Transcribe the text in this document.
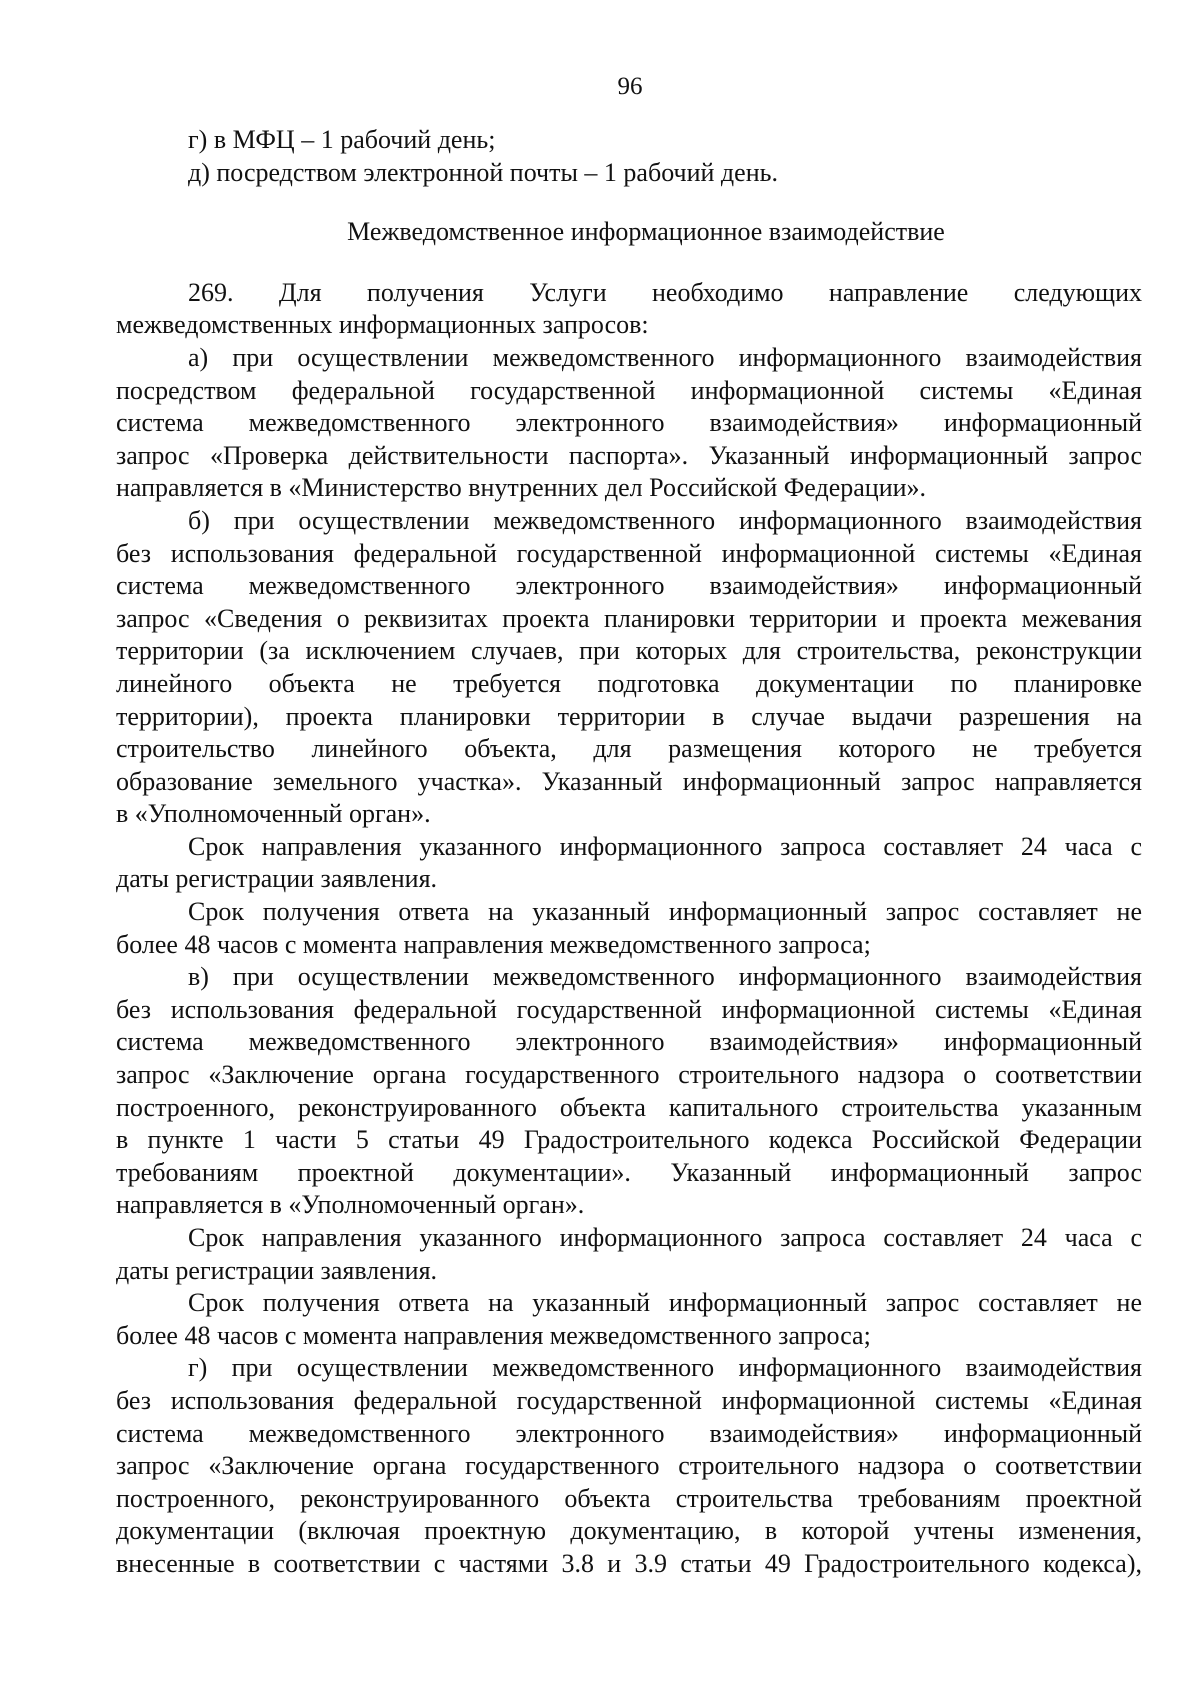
96
г) в МФЦ – 1 рабочий день;
д) посредством электронной почты – 1 рабочий день.
Межведомственное информационное взаимодействие
269. Для получения Услуги необходимо направление следующих
межведомственных информационных запросов:
а) при осуществлении межведомственного информационного взаимодействия
посредством федеральной государственной информационной системы «Единая
система межведомственного электронного взаимодействия» информационный
запрос «Проверка действительности паспорта». Указанный информационный запрос
направляется в «Министерство внутренних дел Российской Федерации».
б) при осуществлении межведомственного информационного взаимодействия
без использования федеральной государственной информационной системы «Единая
система межведомственного электронного взаимодействия» информационный
запрос «Сведения о реквизитах проекта планировки территории и проекта межевания
территории (за исключением случаев, при которых для строительства, реконструкции
линейного объекта не требуется подготовка документации по планировке
территории), проекта планировки территории в случае выдачи разрешения на
строительство линейного объекта, для размещения которого не требуется
образование земельного участка». Указанный информационный запрос направляется
в «Уполномоченный орган».
Срок направления указанного информационного запроса составляет 24 часа с
даты регистрации заявления.
Срок получения ответа на указанный информационный запрос составляет не
более 48 часов с момента направления межведомственного запроса;
в) при осуществлении межведомственного информационного взаимодействия
без использования федеральной государственной информационной системы «Единая
система межведомственного электронного взаимодействия» информационный
запрос «Заключение органа государственного строительного надзора о соответствии
построенного, реконструированного объекта капитального строительства указанным
в пункте 1 части 5 статьи 49 Градостроительного кодекса Российской Федерации
требованиям проектной документации». Указанный информационный запрос
направляется в «Уполномоченный орган».
Срок направления указанного информационного запроса составляет 24 часа с
даты регистрации заявления.
Срок получения ответа на указанный информационный запрос составляет не
более 48 часов с момента направления межведомственного запроса;
г) при осуществлении межведомственного информационного взаимодействия
без использования федеральной государственной информационной системы «Единая
система межведомственного электронного взаимодействия» информационный
запрос «Заключение органа государственного строительного надзора о соответствии
построенного, реконструированного объекта строительства требованиям проектной
документации (включая проектную документацию, в которой учтены изменения,
внесенные в соответствии с частями 3.8 и 3.9 статьи 49 Градостроительного кодекса),
